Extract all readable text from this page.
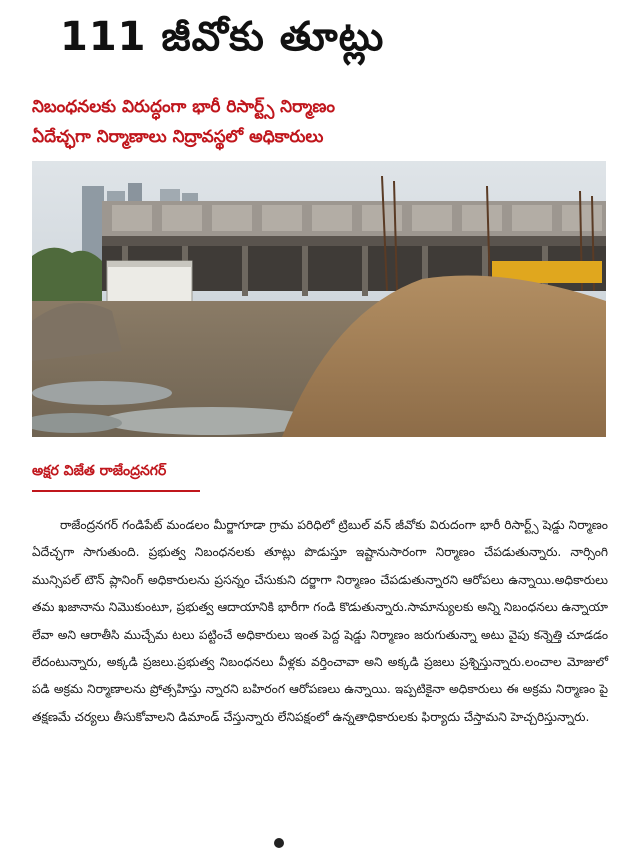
111 జీవోకు తూట్లు
నిబంధనలకు విరుద్ధంగా భారీ రిసార్ట్స్ నిర్మాణం
ఏదేచ్ఛగా నిర్మాణాలు నిద్రావస్థలో అధికారులు
అక్షర విజేత రాజేంద్రనగర్

రాజేంద్రనగర్ గండిపేట్ మండలం మీర్జాగూడా గ్రామ పరిధిలో ట్రిబుల్ వన్ జీవోకు విరుదంగా భారీ రిసార్ట్స్ షెడ్డు నిర్మాణం ఏదేచ్ఛగా సాగుతుంది. ప్రభుత్వ నిబంధనలకు తూట్లు పొడుస్తూ ఇష్టానుసారంగా నిర్మాణం చేపడుతున్నారు. నార్సింగి మున్సిపల్ టౌన్ ప్లానింగ్ అధికారులను ప్రసన్నం చేసుకుని దర్జాగా నిర్మాణం చేపడుతున్నారని ఆరోపలు ఉన్నాయి.అధికారులు తమ ఖజానాను నిమొకుంటూ, ప్రభుత్వ ఆదాయానికి భారీగా గండి కొడుతున్నారు.సామాన్యులకు అన్ని నిబంధనలు ఉన్నాయా లేవా అని ఆరాతీసి ముచ్చేమ టలు పట్టించే అధికారులు ఇంత పెద్ద షెడ్డు నిర్మాణం జరుగుతున్నా అటు వైపు కన్నెత్తి చూడడం లేదంటున్నారు, అక్కడి ప్రజలు.ప్రభుత్వ నిబంధనలు వీళ్లకు వర్తించావా అని అక్కడి ప్రజలు ప్రశ్నిస్తున్నారు.లంచాల మోజులో పడి అక్రమ నిర్మాణాలను ప్రోత్సహిస్తు న్నారని బహిరంగ ఆరోపణలు ఉన్నాయి. ఇప్పటికైనా అధికారులు ఈ అక్రమ నిర్మాణం పై తక్షణమే చర్యలు తీసుకోవాలని డిమాండ్ చేస్తున్నారు లేనిపక్షంలో ఉన్నతాధికారులకు ఫిర్యాదు చేస్తామని హెచ్చరిస్తున్నారు.
